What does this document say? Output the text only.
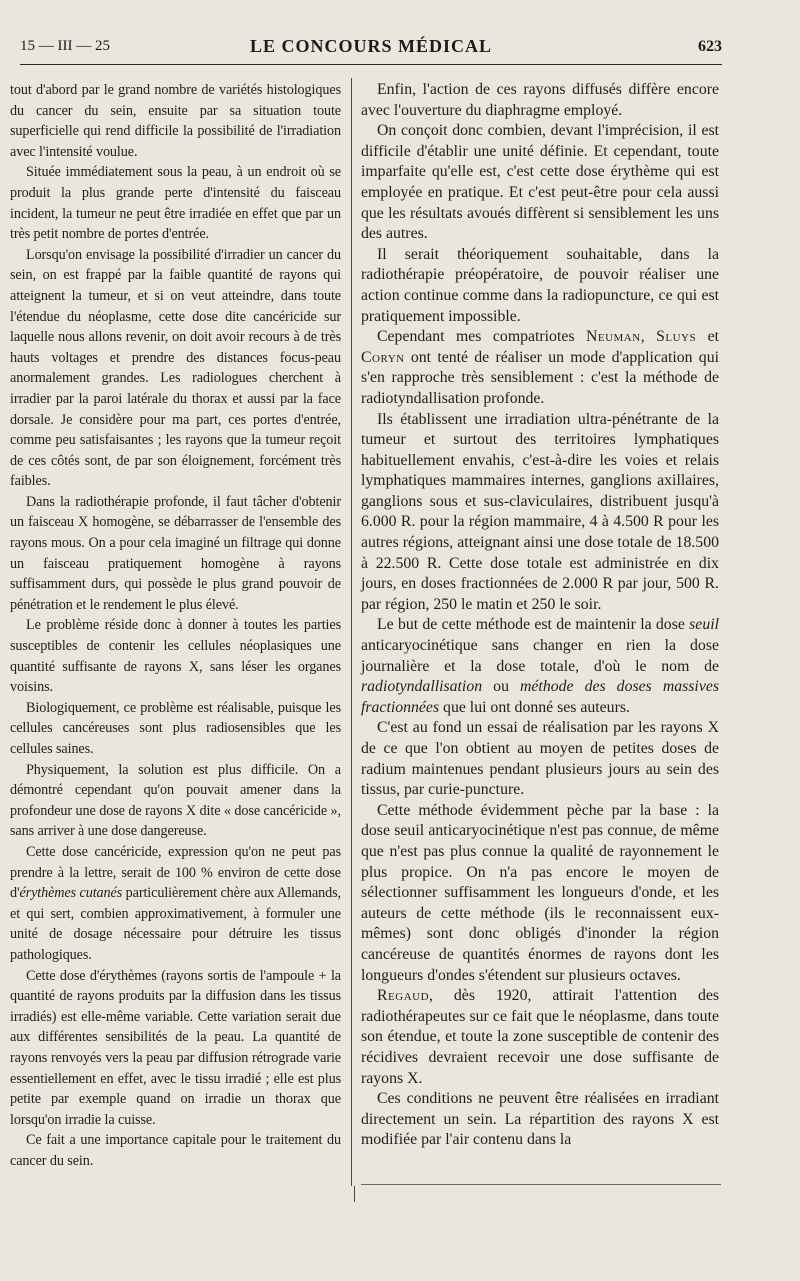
15 — III — 25	LE CONCOURS MÉDICAL	623

tout d'abord par le grand nombre de variétés histologiques du cancer du sein, ensuite par sa situation toute superficielle qui rend difficile la possibilité de l'irradiation avec l'intensité voulue.

Située immédiatement sous la peau, à un endroit où se produit la plus grande perte d'intensité du faisceau incident, la tumeur ne peut être irradiée en effet que par un très petit nombre de portes d'entrée.

Lorsqu'on envisage la possibilité d'irradier un cancer du sein, on est frappé par la faible quantité de rayons qui atteignent la tumeur, et si on veut atteindre, dans toute l'étendue du néoplasme, cette dose dite cancéricide sur laquelle nous allons revenir, on doit avoir recours à de très hauts voltages et prendre des distances focus-peau anormalement grandes. Les radiologues cherchent à irradier par la paroi latérale du thorax et aussi par la face dorsale. Je considère pour ma part, ces portes d'entrée, comme peu satisfaisantes ; les rayons que la tumeur reçoit de ces côtés sont, de par son éloignement, forcément très faibles.

Dans la radiothérapie profonde, il faut tâcher d'obtenir un faisceau X homogène, se débarrasser de l'ensemble des rayons mous. On a pour cela imaginé un filtrage qui donne un faisceau pratiquement homogène à rayons suffisamment durs, qui possède le plus grand pouvoir de pénétration et le rendement le plus élevé.

Le problème réside donc à donner à toutes les parties susceptibles de contenir les cellules néoplasiques une quantité suffisante de rayons X, sans léser les organes voisins.

Biologiquement, ce problème est réalisable, puisque les cellules cancéreuses sont plus radiosensibles que les cellules saines.

Physiquement, la solution est plus difficile. On a démontré cependant qu'on pouvait amener dans la profondeur une dose de rayons X dite « dose cancéricide », sans arriver à une dose dangereuse.

Cette dose cancéricide, expression qu'on ne peut pas prendre à la lettre, serait de 100 % environ de cette dose d'érythèmes cutanés particulièrement chère aux Allemands, et qui sert, combien approximativement, à formuler une unité de dosage nécessaire pour détruire les tissus pathologiques.

Cette dose d'érythèmes (rayons sortis de l'ampoule + la quantité de rayons produits par la diffusion dans les tissus irradiés) est elle-même variable. Cette variation serait due aux différentes sensibilités de la peau. La quantité de rayons renvoyés vers la peau par diffusion rétrograde varie essentiellement en effet, avec le tissu irradié ; elle est plus petite par exemple quand on irradie un thorax que lorsqu'on irradie la cuisse.

Ce fait a une importance capitale pour le traitement du cancer du sein.

Enfin, l'action de ces rayons diffusés diffère encore avec l'ouverture du diaphragme employé.

On conçoit donc combien, devant l'imprécision, il est difficile d'établir une unité définie. Et cependant, toute imparfaite qu'elle est, c'est cette dose érythème qui est employée en pratique. Et c'est peut-être pour cela aussi que les résultats avoués diffèrent si sensiblement les uns des autres.

Il serait théoriquement souhaitable, dans la radiothérapie préopératoire, de pouvoir réaliser une action continue comme dans la radiopuncture, ce qui est pratiquement impossible.

Cependant mes compatriotes Neuman, Sluys et Coryn ont tenté de réaliser un mode d'application qui s'en rapproche très sensiblement : c'est la méthode de radiotyndallisation profonde.

Ils établissent une irradiation ultra-pénétrante de la tumeur et surtout des territoires lymphatiques habituellement envahis, c'est-à-dire les voies et relais lymphatiques mammaires internes, ganglions axillaires, ganglions sous et sus-claviculaires, distribuent jusqu'à 6.000 R. pour la région mammaire, 4 à 4.500 R pour les autres régions, atteignant ainsi une dose totale de 18.500 à 22.500 R. Cette dose totale est administrée en dix jours, en doses fractionnées de 2.000 R par jour, 500 R. par région, 250 le matin et 250 le soir.

Le but de cette méthode est de maintenir la dose seuil anticaryocinétique sans changer en rien la dose journalière et la dose totale, d'où le nom de radiotyndallisation ou méthode des doses massives fractionnées que lui ont donné ses auteurs.

C'est au fond un essai de réalisation par les rayons X de ce que l'on obtient au moyen de petites doses de radium maintenues pendant plusieurs jours au sein des tissus, par curie-puncture.

Cette méthode évidemment pèche par la base : la dose seuil anticaryocinétique n'est pas connue, de même que n'est pas plus connue la qualité de rayonnement le plus propice. On n'a pas encore le moyen de sélectionner suffisamment les longueurs d'onde, et les auteurs de cette méthode (ils le reconnaissent eux-mêmes) sont donc obligés d'inonder la région cancéreuse de quantités énormes de rayons dont les longueurs d'ondes s'étendent sur plusieurs octaves.

Regaud, dès 1920, attirait l'attention des radiothérapeutes sur ce fait que le néoplasme, dans toute son étendue, et toute la zone susceptible de contenir des récidives devraient recevoir une dose suffisante de rayons X.

Ces conditions ne peuvent être réalisées en irradiant directement un sein. La répartition des rayons X est modifiée par l'air contenu dans la
